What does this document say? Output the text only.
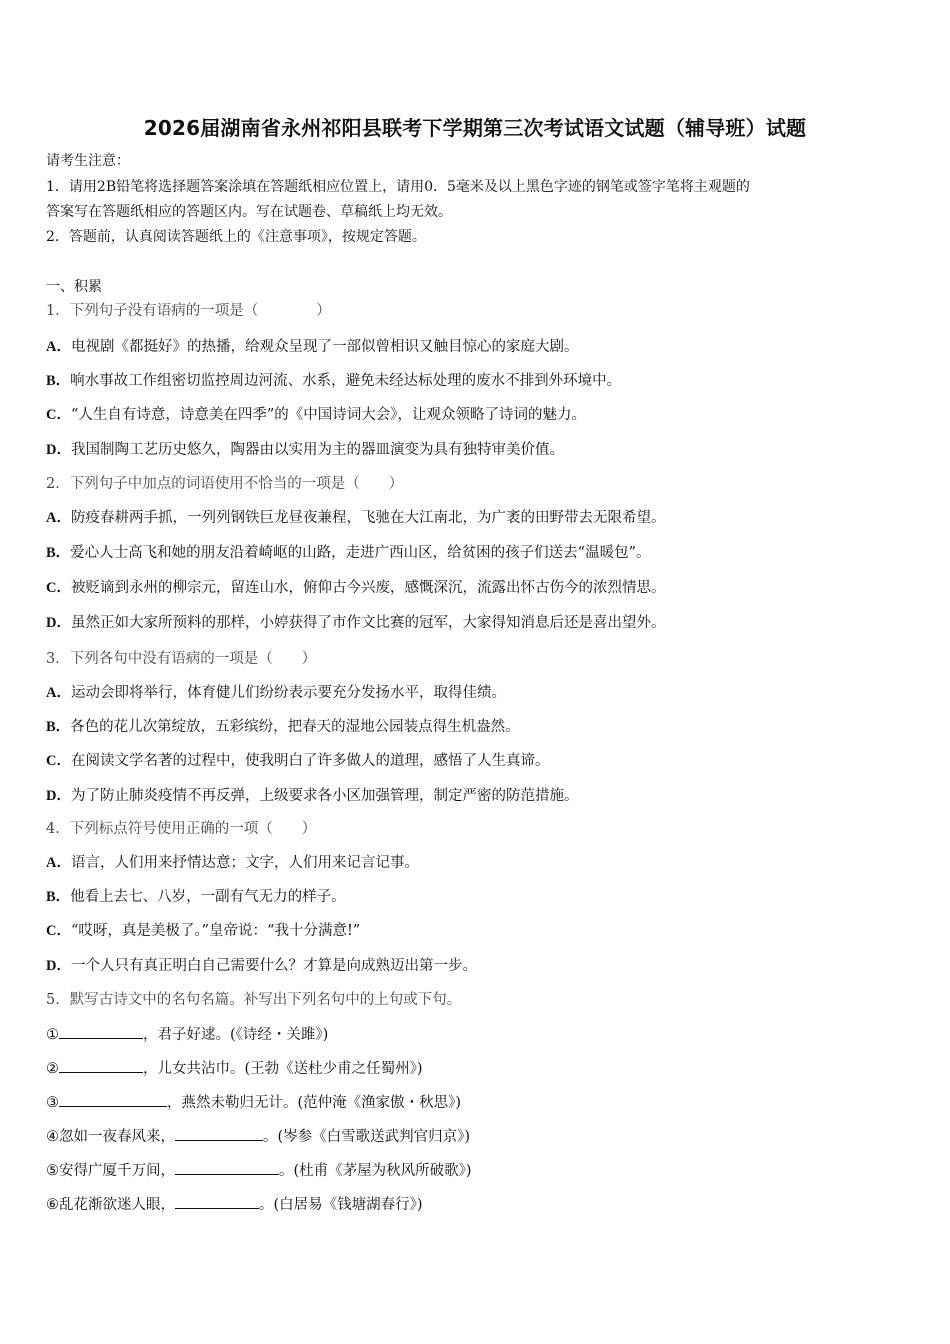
2026届湖南省永州祁阳县联考下学期第三次考试语文试题（辅导班）试题
请考生注意：
1．请用2B铅笔将选择题答案涂填在答题纸相应位置上，请用0．5毫米及以上黑色字迹的钢笔或签字笔将主观题的
答案写在答题纸相应的答题区内。写在试题卷、草稿纸上均无效。
2．答题前，认真阅读答题纸上的《注意事项》，按规定答题。
一、积累
1．下列句子没有语病的一项是（　　　　）
A．电视剧《都挺好》的热播，给观众呈现了一部似曾相识又触目惊心的家庭大剧。
B．响水事故工作组密切监控周边河流、水系，避免未经达标处理的废水不排到外环境中。
C．“人生自有诗意，诗意美在四季”的《中国诗词大会》，让观众领略了诗词的魅力。
D．我国制陶工艺历史悠久，陶器由以实用为主的器皿演变为具有独特审美价值。
2．下列句子中加点的词语使用不恰当的一项是（　　）
A．防疫春耕两手抓，一列列钢铁巨龙昼夜兼程，飞驰在大江南北，为广袤的田野带去无限希望。
B．爱心人士高飞和她的朋友沿着崎岖的山路，走进广西山区，给贫困的孩子们送去“温暖包”。
C．被贬谪到永州的柳宗元，留连山水，俯仰古今兴废，感慨深沉，流露出怀古伤今的浓烈情思。
D．虽然正如大家所预料的那样，小婷获得了市作文比赛的冠军，大家得知消息后还是喜出望外。
3．下列各句中没有语病的一项是（　　）
A．运动会即将举行，体育健儿们纷纷表示要充分发扬水平，取得佳绩。
B．各色的花儿次第绽放，五彩缤纷，把春天的湿地公园装点得生机盎然。
C．在阅读文学名著的过程中，使我明白了许多做人的道理，感悟了人生真谛。
D．为了防止肺炎疫情不再反弹，上级要求各小区加强管理，制定严密的防范措施。
4．下列标点符号使用正确的一项（　　）
A．语言，人们用来抒情达意；文字，人们用来记言记事。
B．他看上去七、八岁，一副有气无力的样子。
C．“哎呀，真是美极了。”皇帝说：“我十分满意!”
D．一个人只有真正明白自己需要什么？才算是向成熟迈出第一步。
5．默写古诗文中的名句名篇。补写出下列名句中的上句或下句。
①	，君子好逑。(《诗经・关雎》)
②	，儿女共沾巾。(王勃《送杜少甫之任蜀州》)
③	，燕然未勒归无计。(范仲淹《渔家傲・秋思》)
④忽如一夜春风来，	。(岑参《白雪歌送武判官归京》)
⑤安得广厦千万间，	。(杜甫《茅屋为秋风所破歌》)
⑥乱花渐欲迷人眼，	。(白居易《钱塘湖春行》)
